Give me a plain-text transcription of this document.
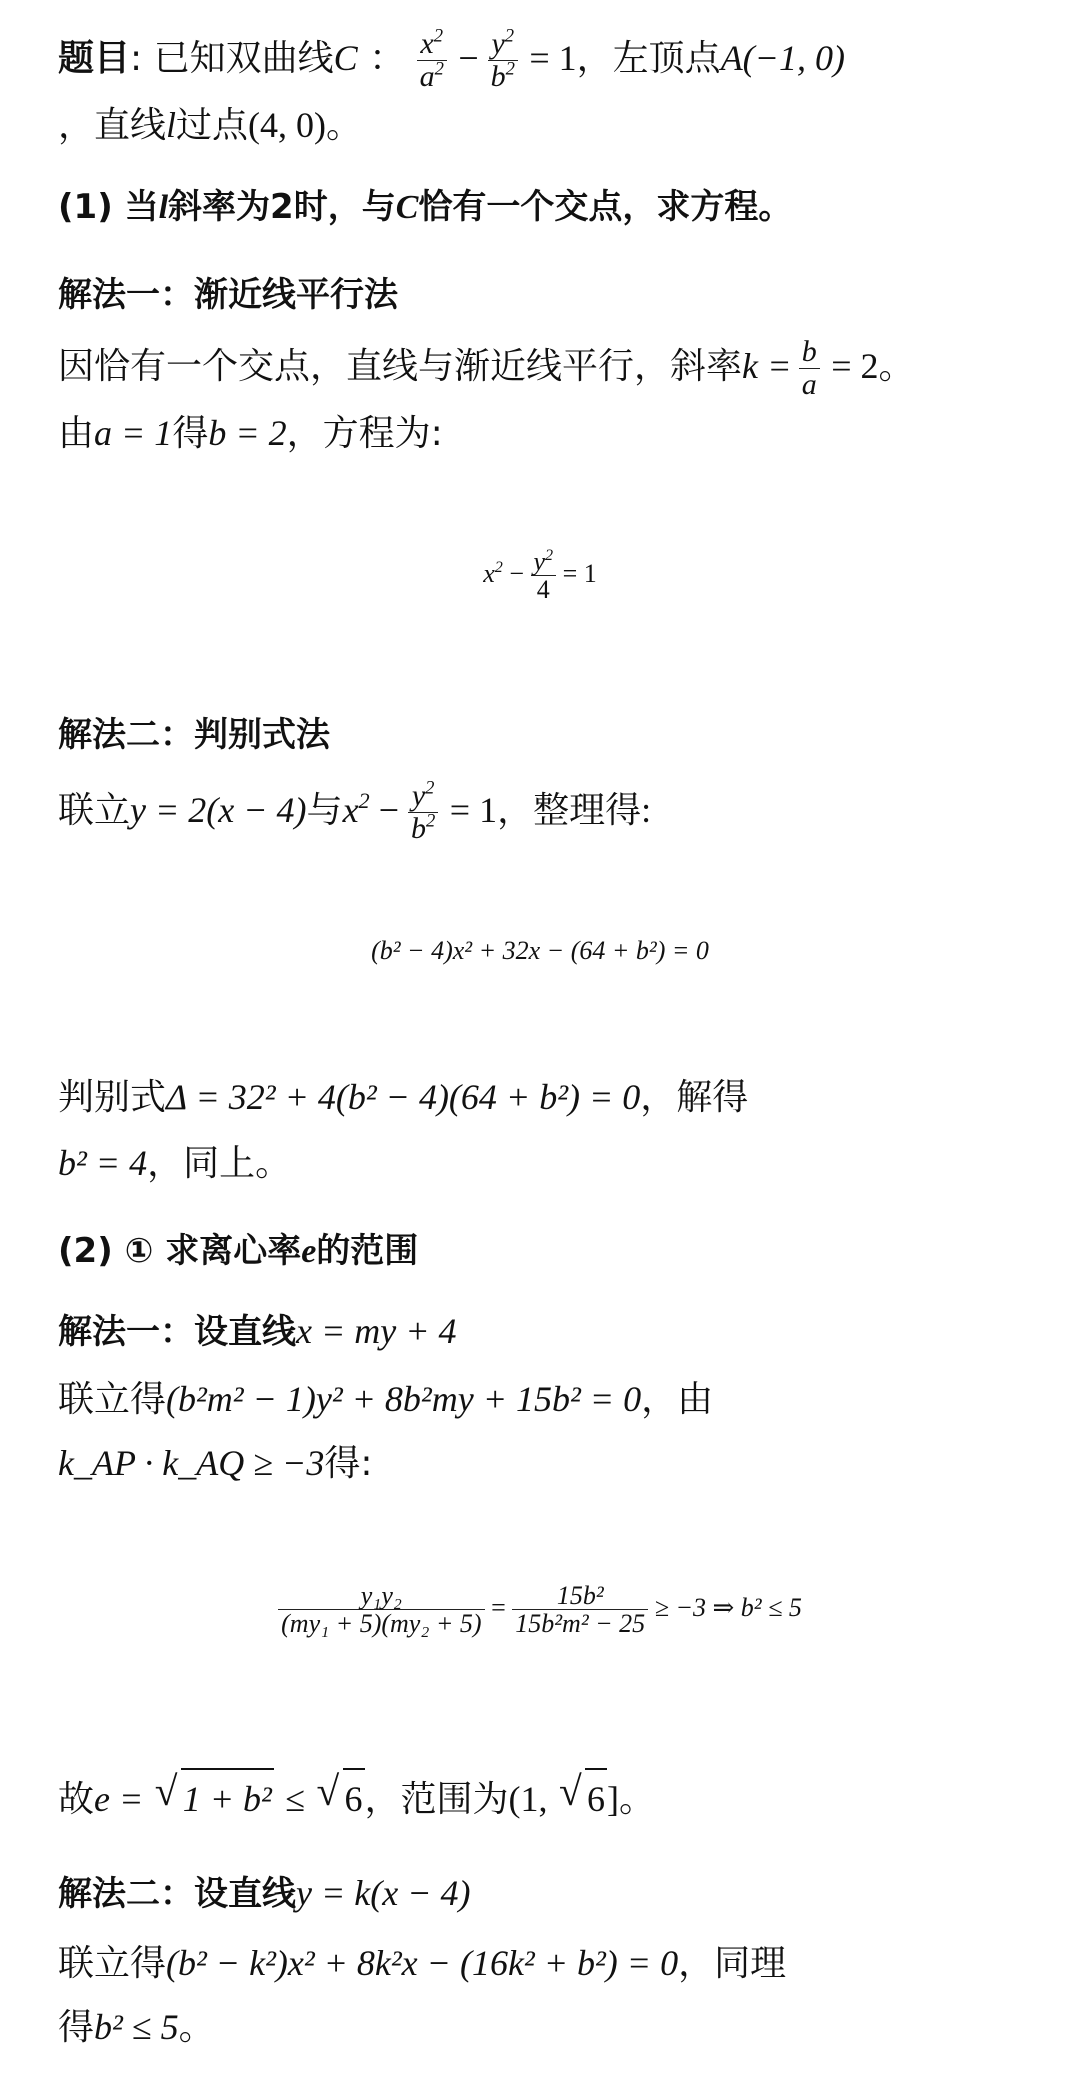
题目: 已知双曲线C ： $\frac{x^2}{a^2} - \frac{y^2}{b^2} = 1$，左顶点A(−1, 0)
，直线l过点(4, 0)。
(1) 当l斜率为2时，与C恰有一个交点，求方程。
解法一：渐近线平行法
因恰有一个交点，直线与渐近线平行，斜率$k = \frac{b}{a} = 2$。
由a = 1得b = 2，方程为:
$x^2 - \frac{y^2}{4} = 1$
解法二：判别式法
联立y = 2(x − 4)与$x^2 - \frac{y^2}{b^2} = 1$，整理得:
(b² − 4)x² + 32x − (64 + b²) = 0
判别式Δ = 32² + 4(b² − 4)(64 + b²) = 0，解得
b² = 4，同上。
(2) ① 求离心率e的范围
解法一：设直线x = my + 4
联立得(b²m² − 1)y² + 8b²my + 15b² = 0，由
k_AP · k_AQ ≥ −3得:
$\frac{\text{y₁y₂}}{\text{(my₁ + 5)(my₂ + 5)}} = \frac{\text{15b²}}{\text{15b²m² − 25}} \ge -3$ ⇒ b² ≤ 5
故e = √ 1 + b² ≤ √ 6，范围为(1, √ 6]。
解法二：设直线y = k(x − 4)
联立得(b² − k²)x² + 8k²x − (16k² + b²) = 0，同理
得b² ≤ 5。
